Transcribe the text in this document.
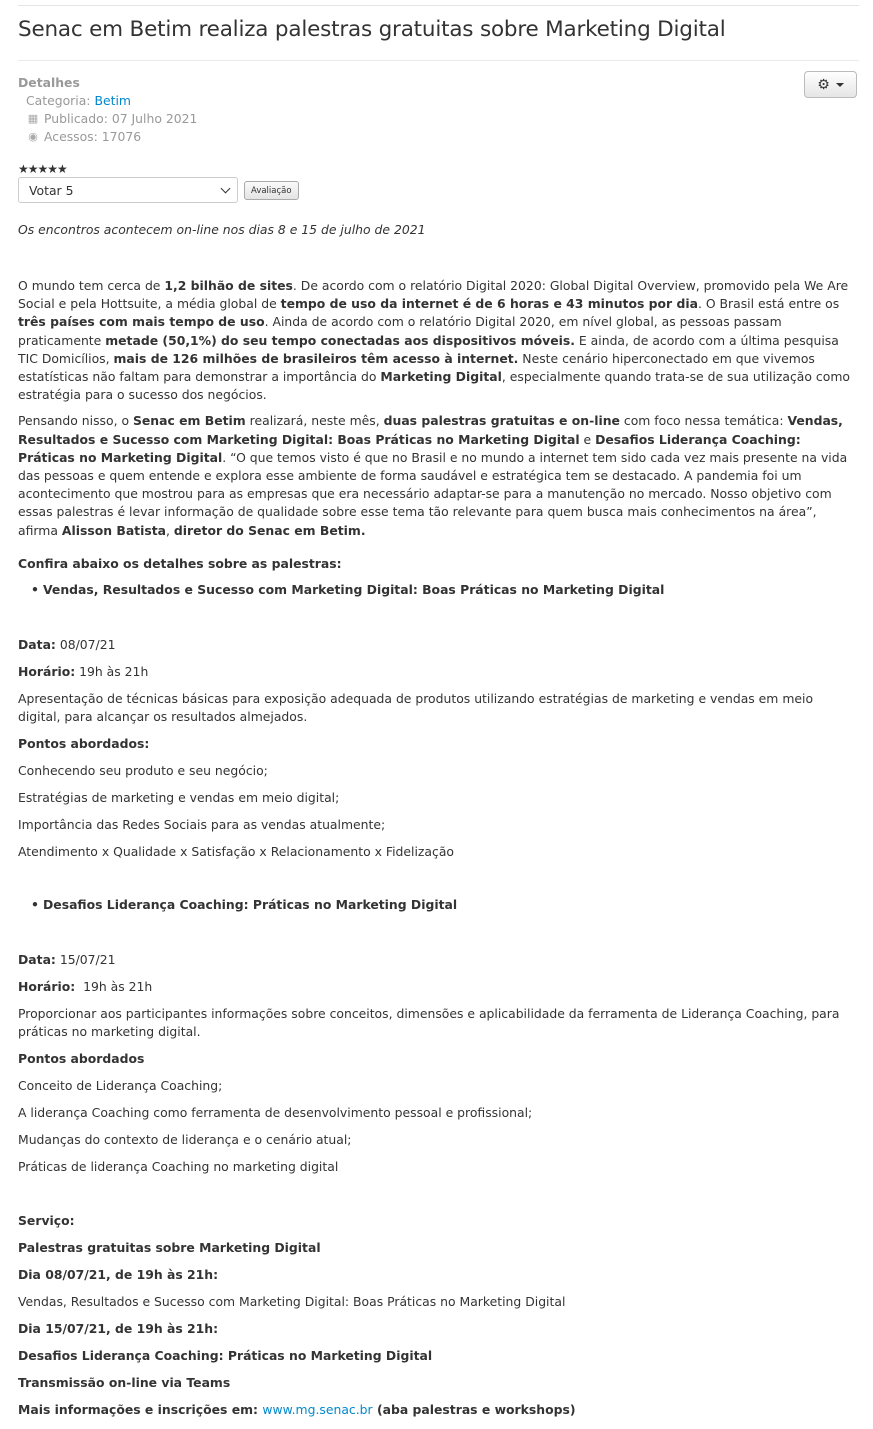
Senac em Betim realiza palestras gratuitas sobre Marketing Digital
Detalhes
Categoria: Betim
▦ Publicado: 07 Julho 2021
◉ Acessos: 17076
⚙
★★★★★
Votar 5	Avaliação
Os encontros acontecem on-line nos dias 8 e 15 de julho de 2021

O mundo tem cerca de 1,2 bilhão de sites. De acordo com o relatório Digital 2020: Global Digital Overview, promovido pela We Are Social e pela Hottsuite, a média global de tempo de uso da internet é de 6 horas e 43 minutos por dia. O Brasil está entre os três países com mais tempo de uso. Ainda de acordo com o relatório Digital 2020, em nível global, as pessoas passam praticamente metade (50,1%) do seu tempo conectadas aos dispositivos móveis. E ainda, de acordo com a última pesquisa TIC Domicílios, mais de 126 milhões de brasileiros têm acesso à internet. Neste cenário hiperconectado em que vivemos estatísticas não faltam para demonstrar a importância do Marketing Digital, especialmente quando trata-se de sua utilização como estratégia para o sucesso dos negócios.

Pensando nisso, o Senac em Betim realizará, neste mês, duas palestras gratuitas e on-line com foco nessa temática: Vendas, Resultados e Sucesso com Marketing Digital: Boas Práticas no Marketing Digital e Desafios Liderança Coaching: Práticas no Marketing Digital. “O que temos visto é que no Brasil e no mundo a internet tem sido cada vez mais presente na vida das pessoas e quem entende e explora esse ambiente de forma saudável e estratégica tem se destacado. A pandemia foi um acontecimento que mostrou para as empresas que era necessário adaptar-se para a manutenção no mercado. Nosso objetivo com essas palestras é levar informação de qualidade sobre esse tema tão relevante para quem busca mais conhecimentos na área”, afirma Alisson Batista, diretor do Senac em Betim.

Confira abaixo os detalhes sobre as palestras:
• Vendas, Resultados e Sucesso com Marketing Digital: Boas Práticas no Marketing Digital
Data: 08/07/21
Horário: 19h às 21h
Apresentação de técnicas básicas para exposição adequada de produtos utilizando estratégias de marketing e vendas em meio digital, para alcançar os resultados almejados.
Pontos abordados:
Conhecendo seu produto e seu negócio;
Estratégias de marketing e vendas em meio digital;
Importância das Redes Sociais para as vendas atualmente;
Atendimento x Qualidade x Satisfação x Relacionamento x Fidelização
• Desafios Liderança Coaching: Práticas no Marketing Digital
Data: 15/07/21
Horário:  19h às 21h
Proporcionar aos participantes informações sobre conceitos, dimensões e aplicabilidade da ferramenta de Liderança Coaching, para práticas no marketing digital.
Pontos abordados
Conceito de Liderança Coaching;
A liderança Coaching como ferramenta de desenvolvimento pessoal e profissional;
Mudanças do contexto de liderança e o cenário atual;
Práticas de liderança Coaching no marketing digital
Serviço:
Palestras gratuitas sobre Marketing Digital
Dia 08/07/21, de 19h às 21h:
Vendas, Resultados e Sucesso com Marketing Digital: Boas Práticas no Marketing Digital
Dia 15/07/21, de 19h às 21h:
Desafios Liderança Coaching: Práticas no Marketing Digital
Transmissão on-line via Teams
Mais informações e inscrições em: www.mg.senac.br (aba palestras e workshops)
